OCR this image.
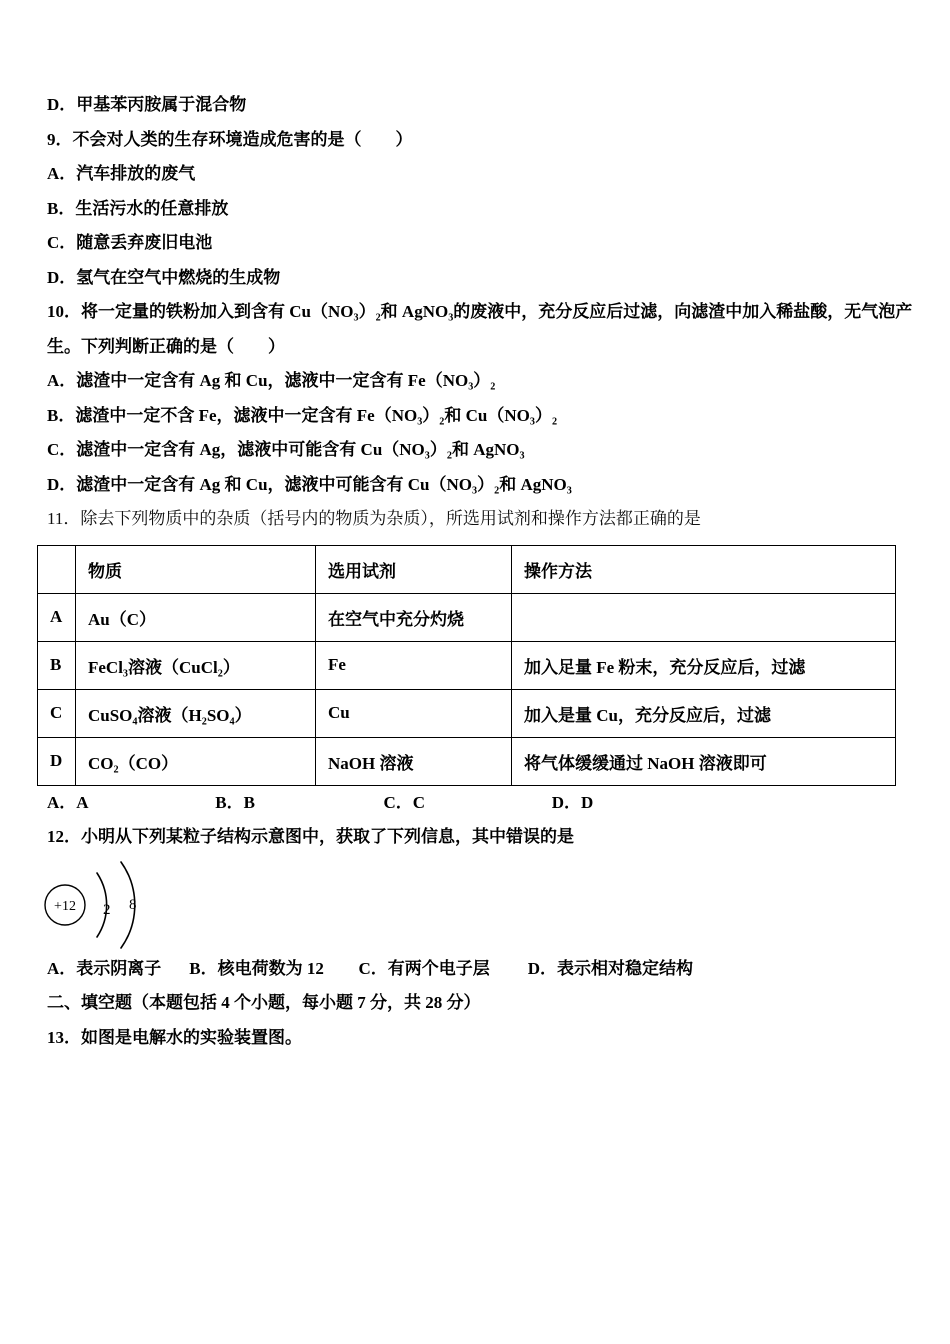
D．甲基苯丙胺属于混合物

9．不会对人类的生存环境造成危害的是（　　）

A．汽车排放的废气

B．生活污水的任意排放

C．随意丢弃废旧电池

D．氢气在空气中燃烧的生成物

10．将一定量的铁粉加入到含有 Cu（NO₃）₂和 AgNO₃的废液中，充分反应后过滤，向滤渣中加入稀盐酸，无气泡产

生。下列判断正确的是（　　）

A．滤渣中一定含有 Ag 和 Cu，滤液中一定含有 Fe（NO₃）₂

B．滤渣中一定不含 Fe，滤液中一定含有 Fe（NO₃）₂和 Cu（NO₃）₂

C．滤渣中一定含有 Ag，滤液中可能含有 Cu（NO₃）₂和 AgNO₃

D．滤渣中一定含有 Ag 和 Cu，滤液中可能含有 Cu（NO₃）₂和 AgNO₃

11．除去下列物质中的杂质（括号内的物质为杂质），所选用试剂和操作方法都正确的是

	物质	选用试剂	操作方法
A	Au（C）	在空气中充分灼烧	
B	FeCl₃溶液（CuCl₂）	Fe	加入足量 Fe 粉末，充分反应后，过滤
C	CuSO₄溶液（H₂SO₄）	Cu	加入是量 Cu，充分反应后，过滤
D	CO₂（CO）	NaOH 溶液	将气体缓缓通过 NaOH 溶液即可

A．A	B．B	C．C	D．D

12．小明从下列某粒子结构示意图中，获取了下列信息，其中错误的是

+12 2 8

A．表示阴离子 B．核电荷数为 12 C．有两个电子层 D．表示相对稳定结构

二、填空题（本题包括 4 个小题，每小题 7 分，共 28 分）

13．如图是电解水的实验装置图。
